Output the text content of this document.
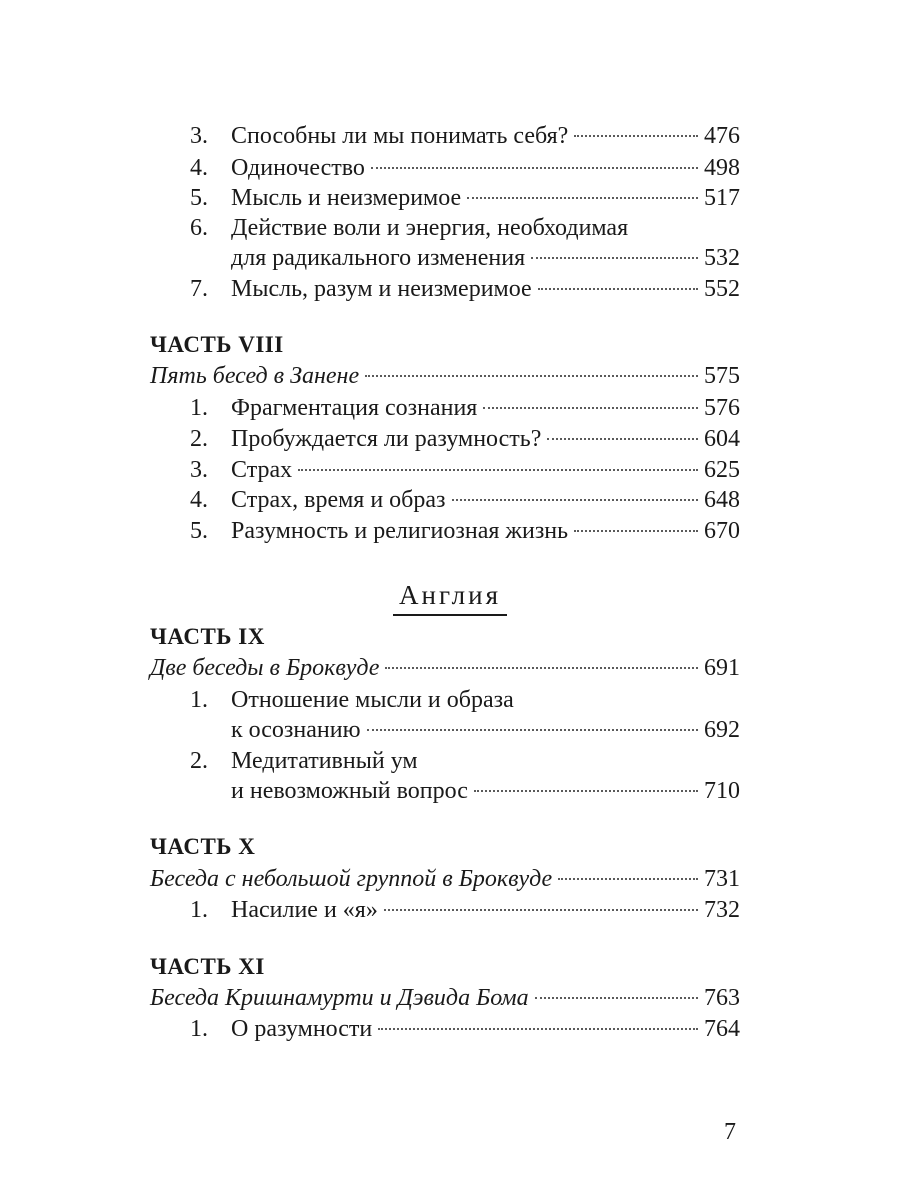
3. Способны ли мы понимать себя?	476
4. Одиночество	498
5. Мысль и неизмеримое	517
6. Действие воли и энергия, необходимая
для радикального изменения	532
7. Мысль, разум и неизмеримое	552
ЧАСТЬ VIII
Пять бесед в Занене	575
1. Фрагментация сознания	576
2. Пробуждается ли разумность?	604
3. Страх	625
4. Страх, время и образ	648
5. Разумность и религиозная жизнь	670
Англия
ЧАСТЬ IX
Две беседы в Броквуде	691
1. Отношение мысли и образа
к осознанию	692
2. Медитативный ум
и невозможный вопрос	710
ЧАСТЬ X
Беседа с небольшой группой в Броквуде	731
1. Насилие и «я»	732
ЧАСТЬ XI
Беседа Кришнамурти и Дэвида Бома	763
1. О разумности	764
7
